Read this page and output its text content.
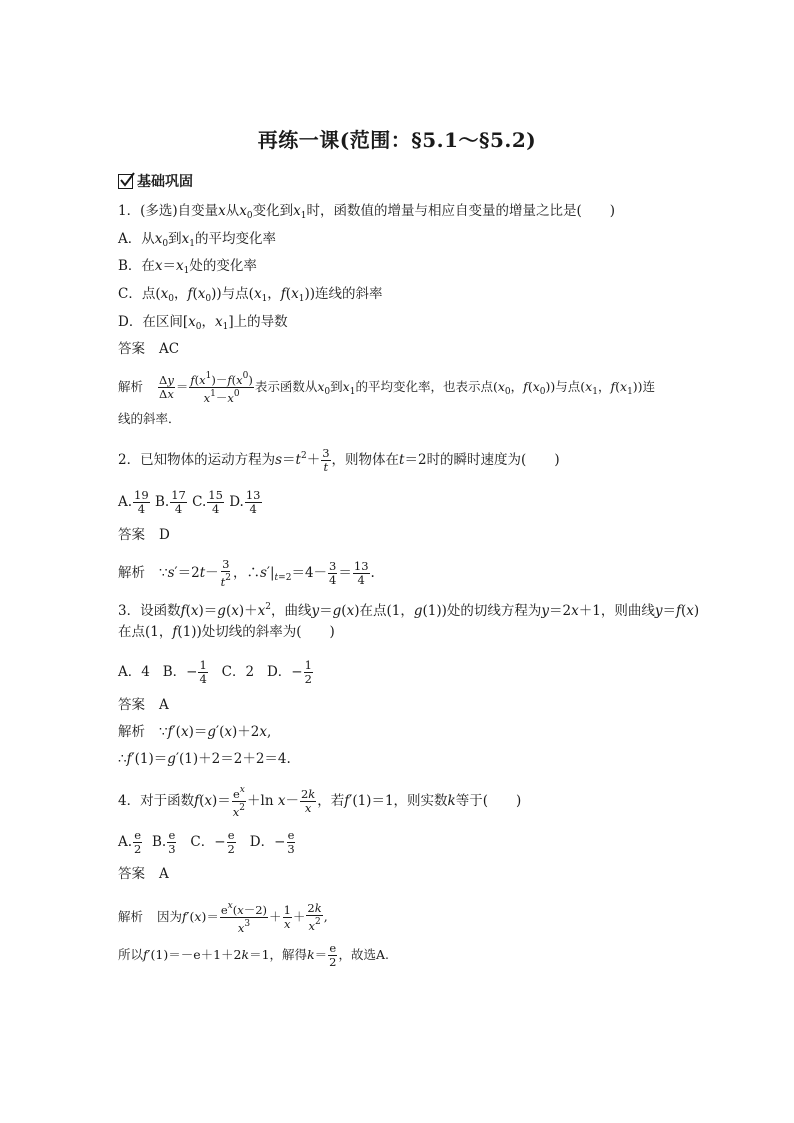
再练一课(范围：§5.1～§5.2)
基础巩固
1．(多选)自变量x从$x_0$变化到$x_1$时，函数值的增量与相应自变量的增量之比是( )
A．从$x_0$到$x_1$的平均变化率
B．在$x=x_1$处的变化率
C．点($x_0$，$f(x_0)$)与点($x_1$，$f(x_1)$)连线的斜率
D．在区间[$x_0$，$x_1$]上的导数
答案 AC
解析 $\frac{\Delta y}{\Delta x} = \frac{f(x^1)-f(x^0)}{x^1-x^0}$ 表示函数从$x_0$到$x_1$的平均变化率，也表示点($x_0$，$f(x_0)$)与点($x_1$，$f(x_1)$)连
线的斜率．
2．已知物体的运动方程为$s=t^2+ \frac{3}{t}$ ，则物体在t＝2时的瞬时速度为( )
A. $\frac{19}{4} B$. $\frac{17}{4} C$. $\frac{15}{4} D$. $\frac{13}{4}$
答案 D
解析 ∵s′＝2t－ $\frac{3}{t^2}$ ，$\therefore s'|_{t=2}=4- \frac{3}{4} = \frac{13}{4}$ .
3．设函数$f(x)=g(x)+x^2$，曲线y＝g(x)在点(1，g(1))处的切线方程为y＝2x＋1，则曲线y＝f(x)
在点(1，f(1))处切线的斜率为( )
A．4 B．− $\frac{1}{4}$ C．2 D．− $\frac{1}{2}$
答案 A
解析 ∵f′(x)＝g′(x)＋2x,
∴f′(1)＝g′(1)＋2＝2＋2＝4.
4．对于函数$f(x)= \frac{e^x}{x^2} +\ln$ $x- \frac{2k}{x}$ ，若f′(1)＝1，则实数k等于( )
A. $\frac{e}{2} B$. $\frac{e}{3}$ C．− $\frac{e}{2}$ D．− $\frac{e}{3}$
答案 A
解析 因为$f'(x)= \frac{e^x(x-2)}{x^3} + \frac{1}{x} + \frac{2k}{x^2}$ ,
所以f′(1)＝－e＋1＋2k＝1，解得$k= \frac{e}{2}$ ，故选A.
